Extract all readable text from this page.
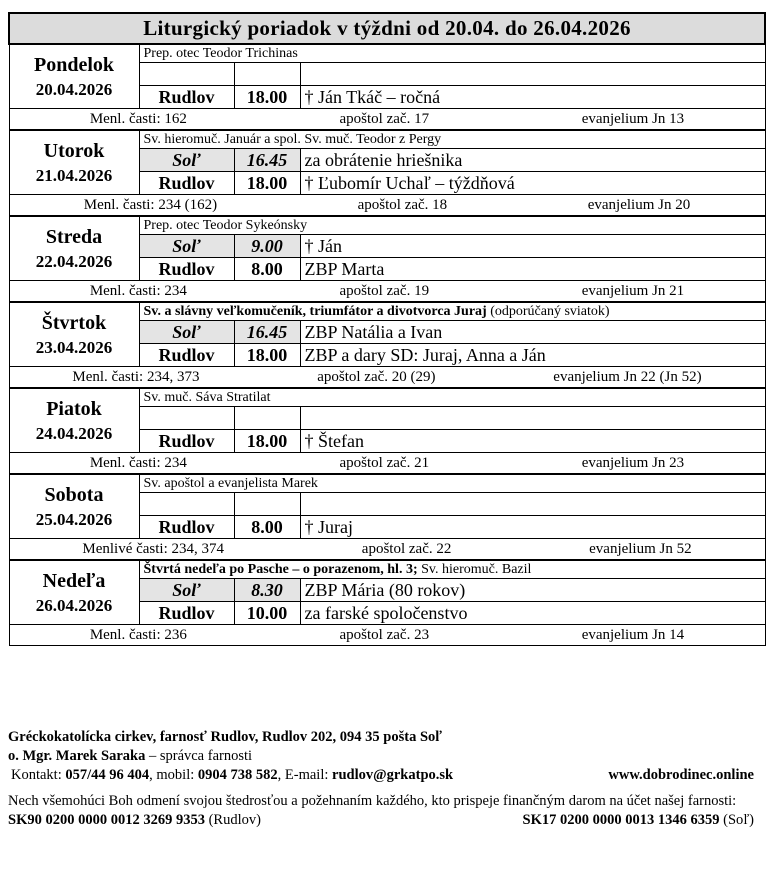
Liturgický poriadok v týždni od 20.04. do 26.04.2026			

Pondelok
20.04.2026	Prep. otec Teodor Trichinas		

	Rudlov	18.00	† Ján Tkáč – ročná

Menl. časti: 162 apoštol zač. 17 evanjelium Jn 13			

Utorok
21.04.2026	Sv. hieromuč. Január a spol. Sv. muč. Teodor z Pergy		
	Soľ	16.45	za obrátenie hriešnika
	Rudlov	18.00	† Ľubomír Uchaľ – týždňová

Menl. časti: 234 (162) apoštol zač. 18 evanjelium Jn 20			

Streda
22.04.2026	Prep. otec Teodor Sykeónsky		
	Soľ	9.00	† Ján
	Rudlov	8.00	ZBP Marta

Menl. časti: 234 apoštol zač. 19 evanjelium Jn 21			

Štvrtok
23.04.2026	Sv. a slávny veľkomučeník, triumfátor a divotvorca Juraj (odporúčaný sviatok)		
	Soľ	16.45	ZBP Natália a Ivan
	Rudlov	18.00	ZBP a dary SD: Juraj, Anna a Ján

Menl. časti: 234, 373 apoštol zač. 20 (29) evanjelium Jn 22 (Jn 52)			

Piatok
24.04.2026	Sv. muč. Sáva Stratilat		

	Rudlov	18.00	† Štefan

Menl. časti: 234 apoštol zač. 21 evanjelium Jn 23			

Sobota
25.04.2026	Sv. apoštol a evanjelista Marek		

	Rudlov	8.00	† Juraj

Menlivé časti: 234, 374 apoštol zač. 22 evanjelium Jn 52			

Nedeľa
26.04.2026	Štvrtá nedeľa po Pasche – o porazenom, hl. 3; Sv. hieromuč. Bazil		
	Soľ	8.30	ZBP Mária (80 rokov)
	Rudlov	10.00	za farské spoločenstvo

Menl. časti: 236 apoštol zač. 23 evanjelium Jn 14			
Gréckokatolícka cirkev, farnosť Rudlov, Rudlov 202, 094 35 pošta Soľ
o. Mgr. Marek Saraka – správca farnosti
Kontakt: 057/44 96 404, mobil: 0904 738 582, E-mail: rudlov@grkatpo.sk	www.dobrodinec.online
Nech všemohúci Boh odmení svojou štedrosťou a požehnaním každého, kto prispeje finančným darom na účet našej farnosti:
SK90 0200 0000 0012 3269 9353 (Rudlov)	SK17 0200 0000 0013 1346 6359 (Soľ)
